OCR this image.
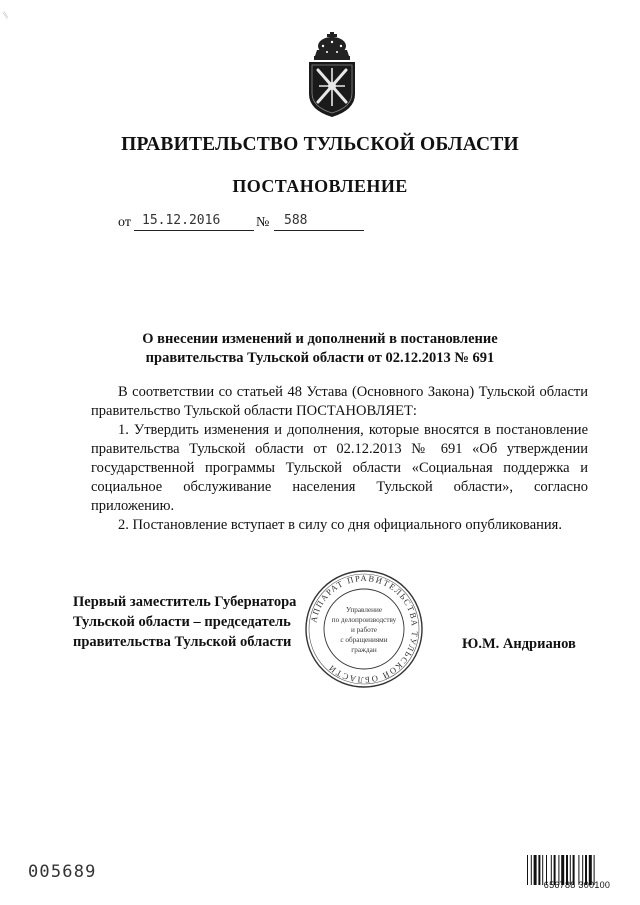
⁄⁄
ПРАВИТЕЛЬСТВО ТУЛЬСКОЙ ОБЛАСТИ
ПОСТАНОВЛЕНИЕ
от 15.12.2016	№ 588
О внесении изменений и дополнений в постановление
правительства Тульской области от 02.12.2013 № 691

В соответствии со статьей 48 Устава (Основного Закона) Тульской области правительство Тульской области ПОСТАНОВЛЯЕТ:

1. Утвердить изменения и дополнения, которые вносятся в постановление правительства Тульской области от 02.12.2013 № 691 «Об утверждении государственной программы Тульской области «Социальная поддержка и социальное обслуживание населения Тульской области», согласно приложению.

2. Постановление вступает в силу со дня официального опубликования.

Первый заместитель Губернатора
Тульской области – председатель
правительства Тульской области
АППАРАТ ПРАВИТЕЛЬСТВА ТУЛЬСКОЙ ОБЛАСТИ
Управление
по делопроизводству
и работе
с обращениями
граждан	Ю.М. Андрианов
005689
656788 300100
